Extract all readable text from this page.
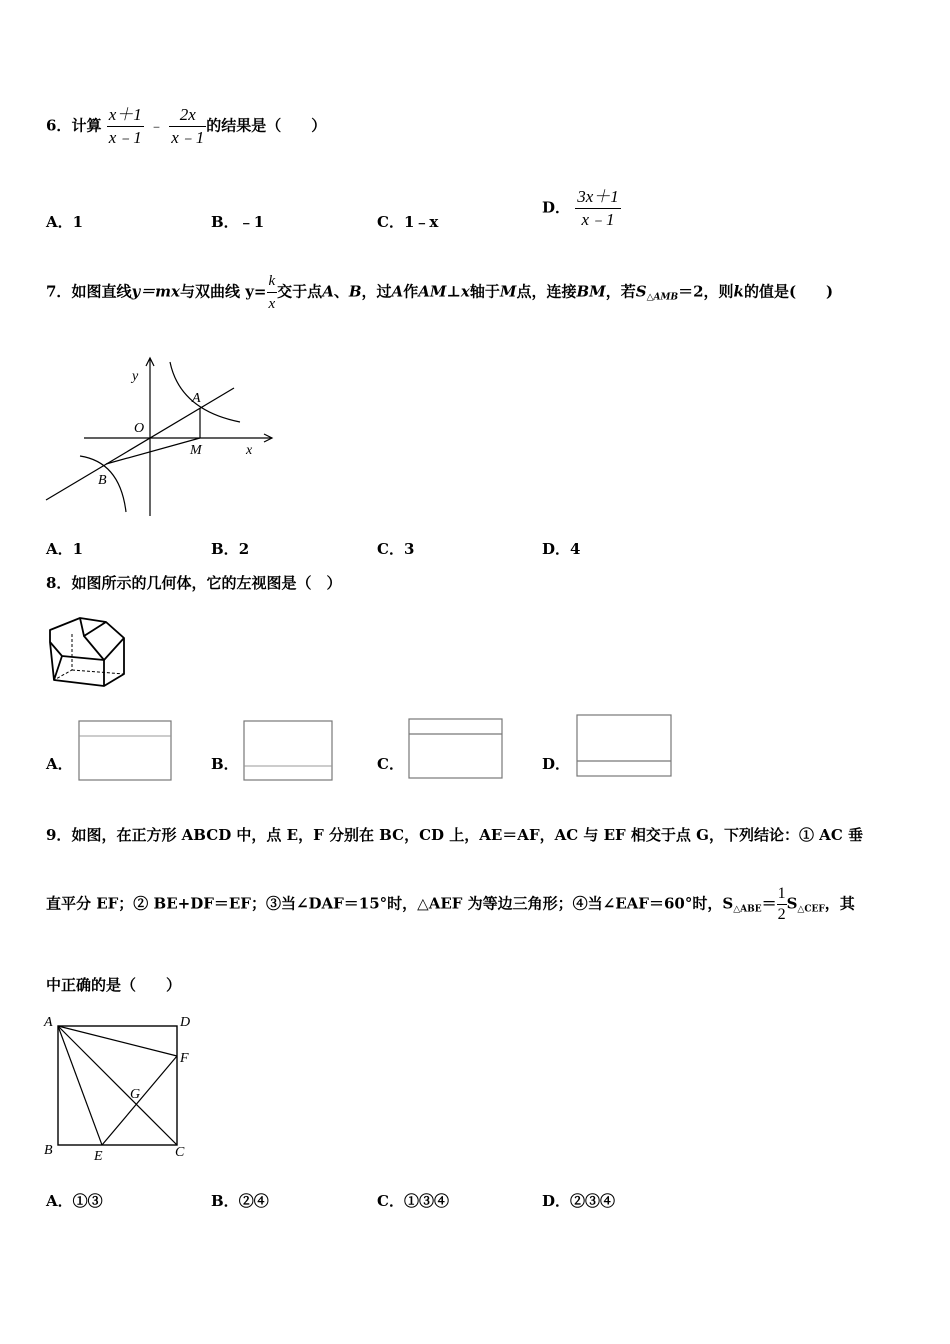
6．计算 $\frac{x+1}{x﹣1}$ ﹣ $\frac{2x}{x﹣1}$ 的结果是（　　）
A．1	B．﹣1	C．1﹣x
D． $\frac{3x+1}{x﹣1}$
7．如图直线y＝mx与双曲线 $y= \frac{k}{x}$ 交于点A、B，过A作AM⊥x轴于M点，连接BM，若$S_{\triangle AMB}=2$，则k的值是(　　)
y
x
O
A
M
B
A．1	B．2	C．3	D．4
8．如图所示的几何体，它的左视图是（　）
A．	B．	C．	D．
9．如图，在正方形 ABCD 中，点 E，F 分别在 BC，CD 上，AE＝AF，AC 与 EF 相交于点 G，下列结论：① AC 垂
直平分 EF；② BE+DF＝EF；③当∠DAF＝15°时，△AEF 为等边三角形；④当∠EAF＝60°时，$S_{\triangle ABE}= \frac{1}{2} S_{\triangle CEF}$，其
中正确的是（　　）
A	D
F
G
B	E	C
A．①③	B．②④	C．①③④	D．②③④
